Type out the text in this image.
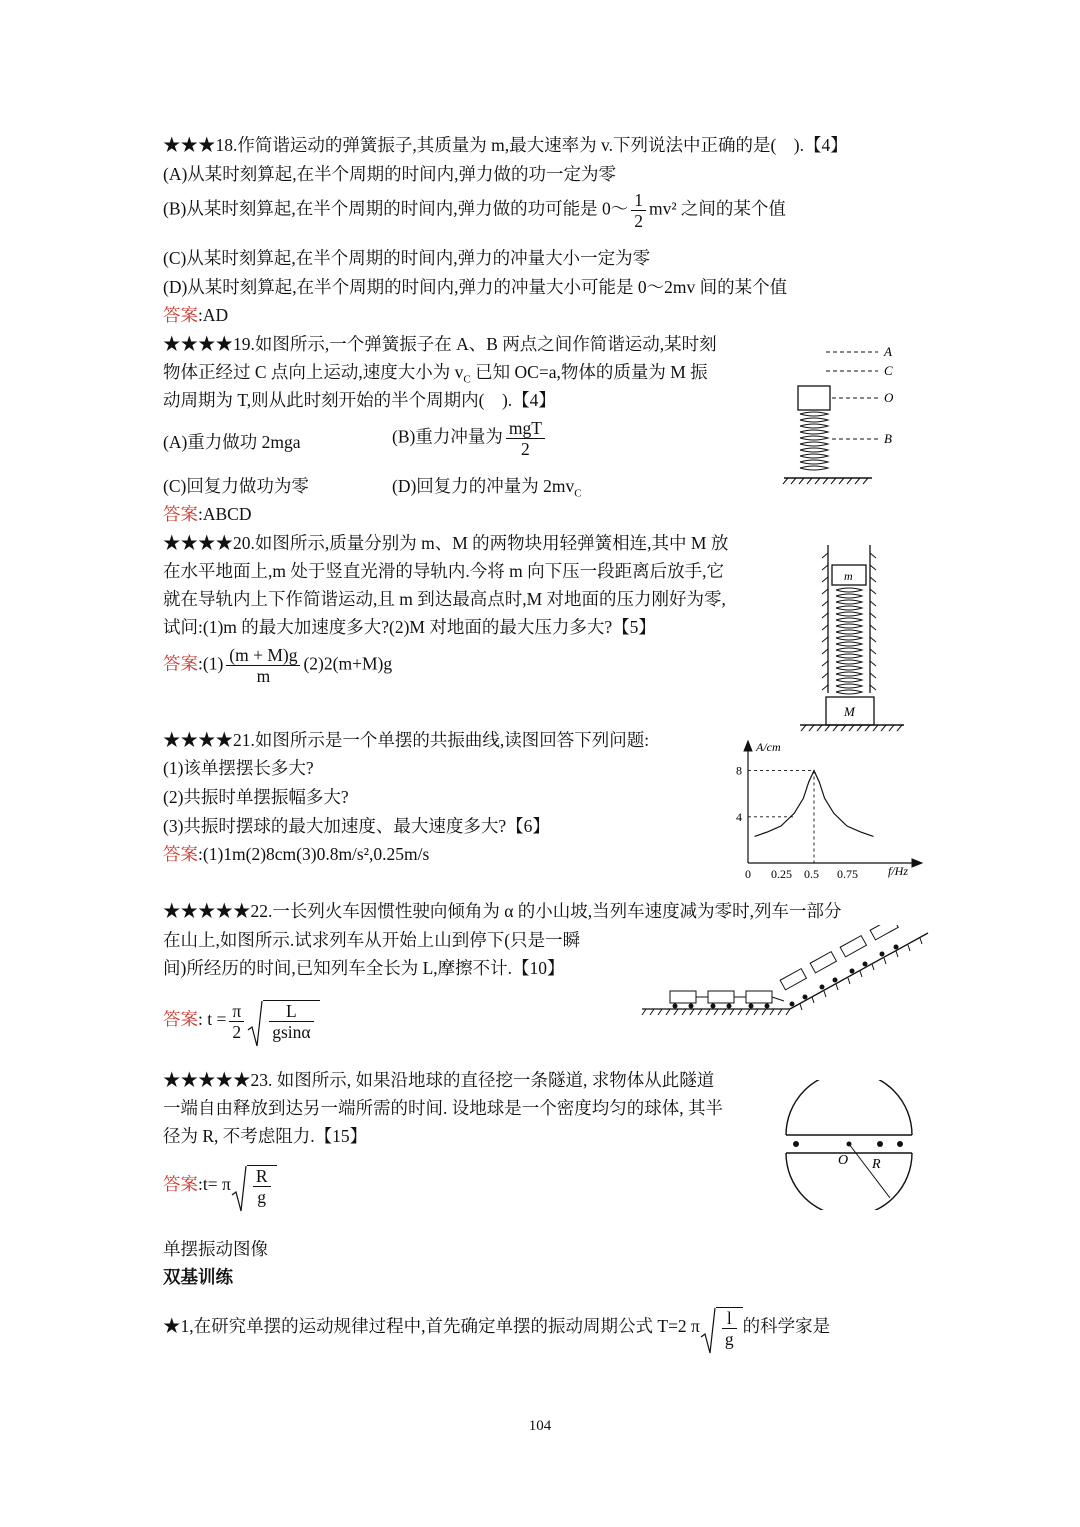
★★★18.作简谐运动的弹簧振子,其质量为 m,最大速率为 v.下列说法中正确的是(　).【4】
(A)从某时刻算起,在半个周期的时间内,弹力做的功一定为零
(B)从某时刻算起,在半个周期的时间内,弹力做的功可能是 0～ $\frac{1}{2} mv^2$ 之间的某个值
(C)从某时刻算起,在半个周期的时间内,弹力的冲量大小一定为零
(D)从某时刻算起,在半个周期的时间内,弹力的冲量大小可能是 0～2mv 间的某个值
答案:AD
★★★★19.如图所示,一个弹簧振子在 A、B 两点之间作简谐运动,某时刻
物体正经过 C 点向上运动,速度大小为 $v_C$ 已知 OC=a,物体的质量为 M 振
动周期为 T,则从此时刻开始的半个周期内(　).【4】
(A)重力做功 2mga	(B)重力冲量为 $\frac{\text{mgT}}{2}$
(C)回复力做功为零	(D)回复力的冲量为 $2mv_C$
答案:ABCD
A
C
O
B
★★★★20.如图所示,质量分别为 m、M 的两物块用轻弹簧相连,其中 M 放
在水平地面上,m 处于竖直光滑的导轨内.今将 m 向下压一段距离后放手,它
就在导轨内上下作简谐运动,且 m 到达最高点时,M 对地面的压力刚好为零,
试问:(1)m 的最大加速度多大?(2)M 对地面的最大压力多大?【5】
答案:(1) $\frac{(m + M)g}{m} (2)2(m+M)g$
m
M
★★★★21.如图所示是一个单摆的共振曲线,读图回答下列问题:
(1)该单摆摆长多大?
(2)共振时单摆振幅多大?
(3)共振时摆球的最大加速度、最大速度多大?【6】
答案:(1)1m(2)8cm(3)0.8m/s²,0.25m/s
A/cm
f/Hz
0 0.25 0.5 0.75
4
8
★★★★★22.一长列火车因惯性驶向倾角为 α 的小山坡,当列车速度减为零时,列车一部分
在山上,如图所示.试求列车从开始上山到停下(只是一瞬
间)所经历的时间,已知列车全长为 L,摩擦不计.【10】
答案: $t = \frac{\pi}{2} \frac{L}{gsin\alpha}$
★★★★★23. 如图所示, 如果沿地球的直径挖一条隧道, 求物体从此隧道
一端自由释放到达另一端所需的时间. 设地球是一个密度均匀的球体, 其半
径为 R, 不考虑阻力.【15】
答案:t= π $\frac{R}{g}$
O R
单摆振动图像
双基训练
★1,在研究单摆的运动规律过程中,首先确定单摆的振动周期公式 T=2 π $\frac{l}{g}$ 的科学家是
104
